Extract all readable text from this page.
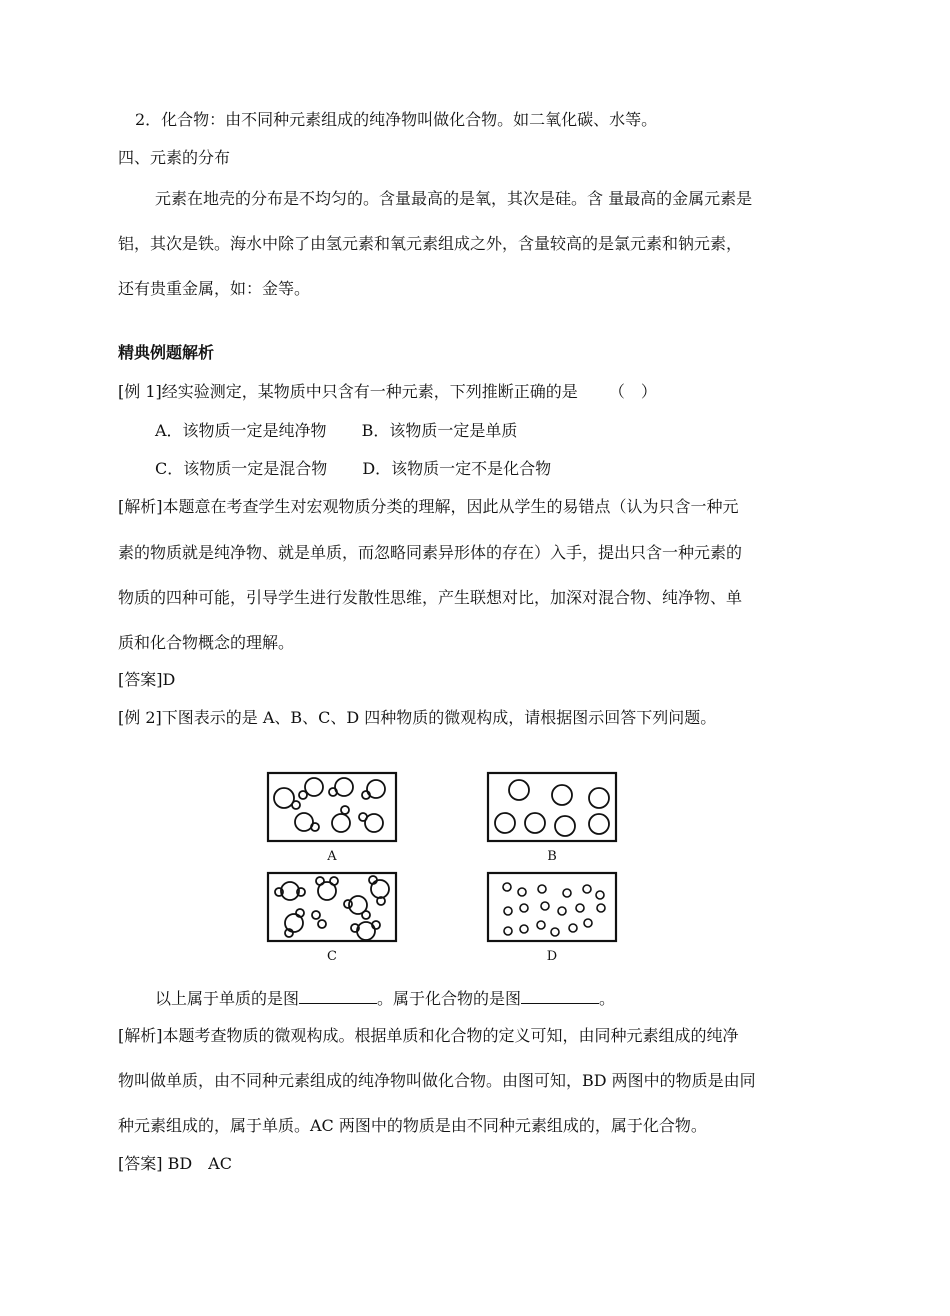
2．化合物：由不同种元素组成的纯净物叫做化合物。如二氧化碳、水等。
四、元素的分布
元素在地壳的分布是不均匀的。含量最高的是氧，其次是硅。含 量最高的金属元素是
铝，其次是铁。海水中除了由氢元素和氧元素组成之外，含量较高的是氯元素和钠元素，
还有贵重金属，如：金等。
精典例题解析
[例 1]经实验测定，某物质中只含有一种元素，下列推断正确的是 （　）
A．该物质一定是纯净物 B．该物质一定是单质
C．该物质一定是混合物 D．该物质一定不是化合物
[解析]本题意在考查学生对宏观物质分类的理解，因此从学生的易错点（认为只含一种元
素的物质就是纯净物、就是单质，而忽略同素异形体的存在）入手，提出只含一种元素的
物质的四种可能，引导学生进行发散性思维，产生联想对比，加深对混合物、纯净物、单
质和化合物概念的理解。
[答案]D
[例 2]下图表示的是 A、B、C、D 四种物质的微观构成，请根据图示回答下列问题。
A	B
C	D
以上属于单质的是图	。属于化合物的是图	。
[解析]本题考查物质的微观构成。根据单质和化合物的定义可知，由同种元素组成的纯净
物叫做单质，由不同种元素组成的纯净物叫做化合物。由图可知，BD 两图中的物质是由同
种元素组成的，属于单质。AC 两图中的物质是由不同种元素组成的，属于化合物。
[答案] BD　AC
